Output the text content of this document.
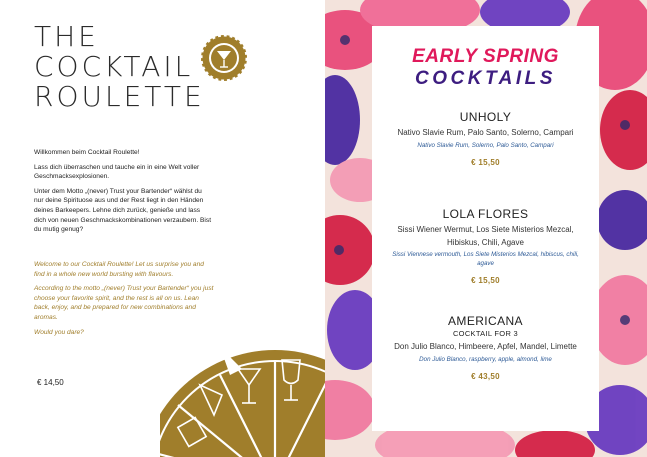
THE
COCKTAIL
ROULETTE

Willkommen beim Cocktail Roulette!

Lass dich überraschen und tauche ein in eine Welt voller Geschmacksexplosionen.

Unter dem Motto „(never) Trust your Bartender“ wählst du nur deine Spirituose aus und der Rest liegt in den Händen deines Barkeepers. Lehne dich zurück, genieße und lass dich von neuen Geschmackskombinationen verzaubern. Bist du mutig genug?

Welcome to our Cocktail Roulette! Let us surprise you and find in a whole new world bursting with flavours.

According to the motto „(never) Trust your Bartender“ you just choose your favorite spirit, and the rest is all on us. Lean back, enjoy, and be prepared for new combinations and aromas.

Would you dare?

€ 14,50
EARLY SPRING
COCKTAILS
UNHOLY
Nativo Slavie Rum, Palo Santo, Solerno, Campari
Nativo Slavie Rum, Solerno, Palo Santo, Campari
€ 15,50
LOLA FLORES
Sissi Wiener Wermut, Los Siete Misterios Mezcal, Hibiskus, Chili, Agave
Sissi Viennese vermouth, Los Siete Misterios Mezcal, hibiscus, chili, agave
€ 15,50
AMERICANA
COCKTAIL FOR 3
Don Julio Blanco, Himbeere, Apfel, Mandel, Limette
Don Julio Blanco, raspberry, apple, almond, lime
€ 43,50
